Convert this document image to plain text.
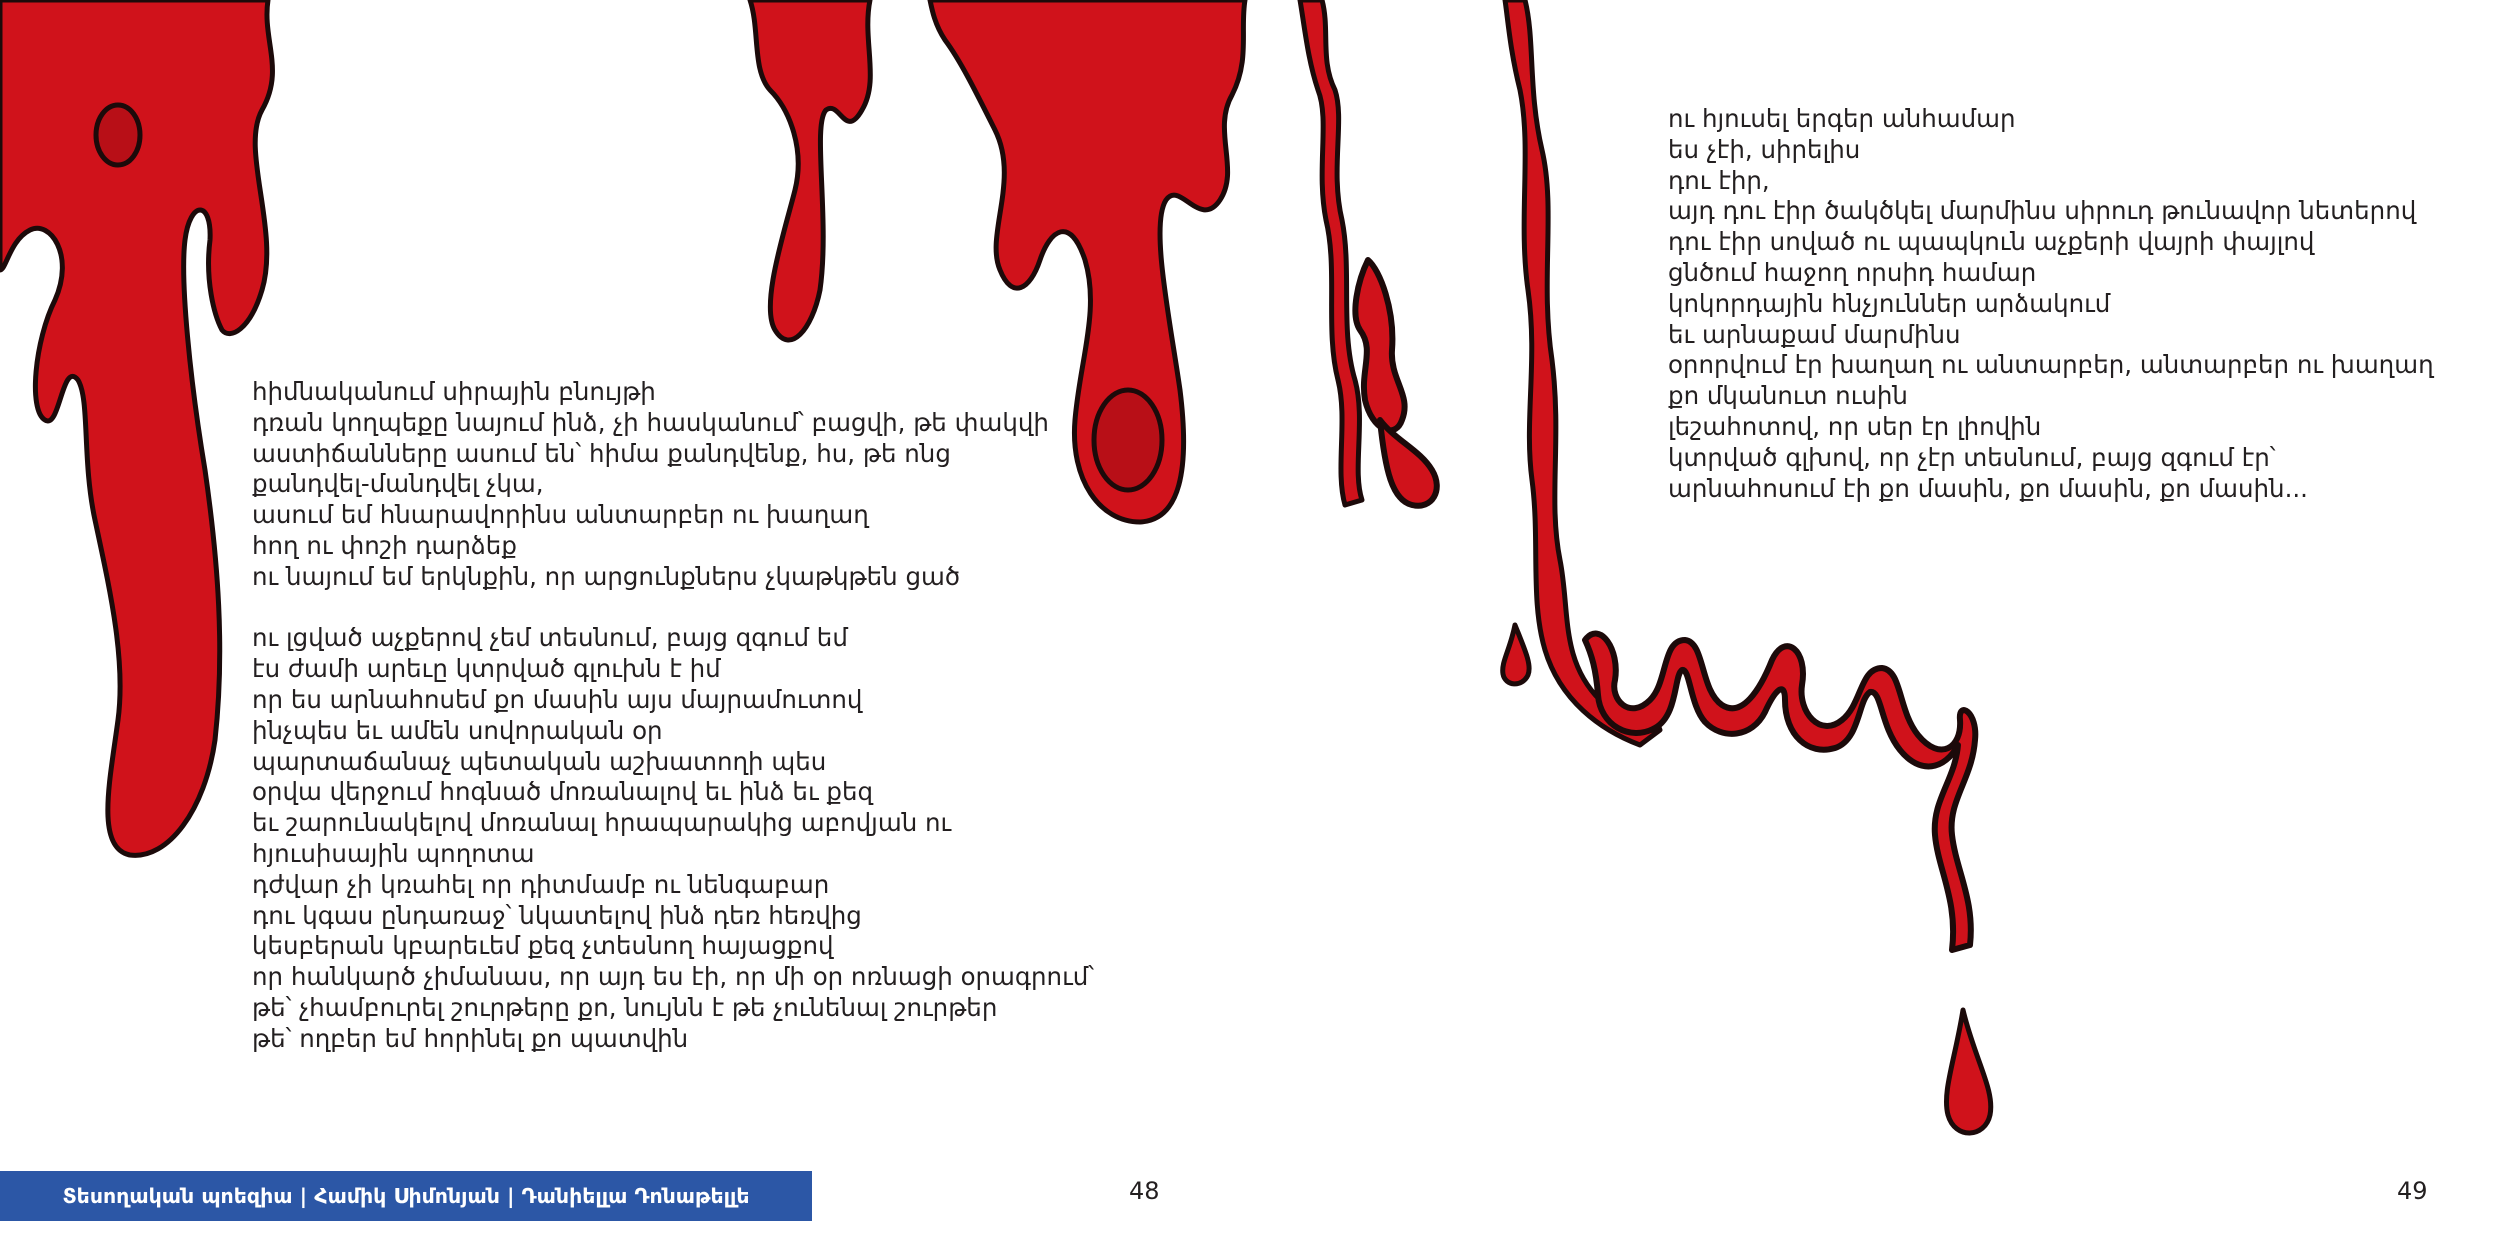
հիմնականում սիրային բնույթի
դռան կողպեքը նայում ինձ, չի հասկանում՝ բացվի, թե փակվի
աստիճանները ասում են՝ հիմա քանդվենք, հս, թե ոնց
քանդվել-մանդվել չկա,
ասում եմ հնարավորինս անտարբեր ու խաղաղ
հող ու փոշի դարձեք
ու նայում եմ երկնքին, որ արցունքներս չկաթկթեն ցած
ու լցված աչքերով չեմ տեսնում, բայց զգում եմ
էս ժամի արեւը կտրված գլուխն է իմ
որ ես արնահոսեմ քո մասին այս մայրամուտով
ինչպես եւ ամեն սովորական օր
պարտաճանաչ պետական աշխատողի պես
օրվա վերջում հոգնած մոռանալով եւ ինձ եւ քեզ
եւ շարունակելով մոռանալ հրապարակից աբովյան ու
հյուսիսային պողոտա
դժվար չի կռահել որ դիտմամբ ու նենգաբար
դու կգաս ընդառաջ՝ նկատելով ինձ դեռ հեռվից
կեսբերան կբարեւեմ քեզ չտեսնող հայացքով
որ հանկարծ չիմանաս, որ այդ ես էի, որ մի օր ոռնացի օրագրում՝
թե՝ չհամբուրել շուրթերը քո, նույնն է թե չունենալ շուրթեր
թե՝ ողբեր եմ հորինել քո պատվին
ու հյուսել երգեր անհամար
ես չէի, սիրելիս
դու էիր,
այդ դու էիր ծակծկել մարմինս սիրուդ թունավոր նետերով
դու էիր սոված ու պապկուն աչքերի վայրի փայլով
ցնծում հաջող որսիդ համար
կոկորդային հնչյուններ արձակում
եւ արնաքամ մարմինս
օրորվում էր խաղաղ ու անտարբեր, անտարբեր ու խաղաղ
քո մկանուտ ուսին
լեշահոտով, որ սեր էր լիովին
կտրված գլխով, որ չէր տեսնում, բայց զգում էր՝
արնահոսում էի քո մասին, քո մասին, քո մասին...
Տեսողական պոեզիա | Համիկ Սիմոնյան | Դանիելլա Դոնաթելլե	48	49
